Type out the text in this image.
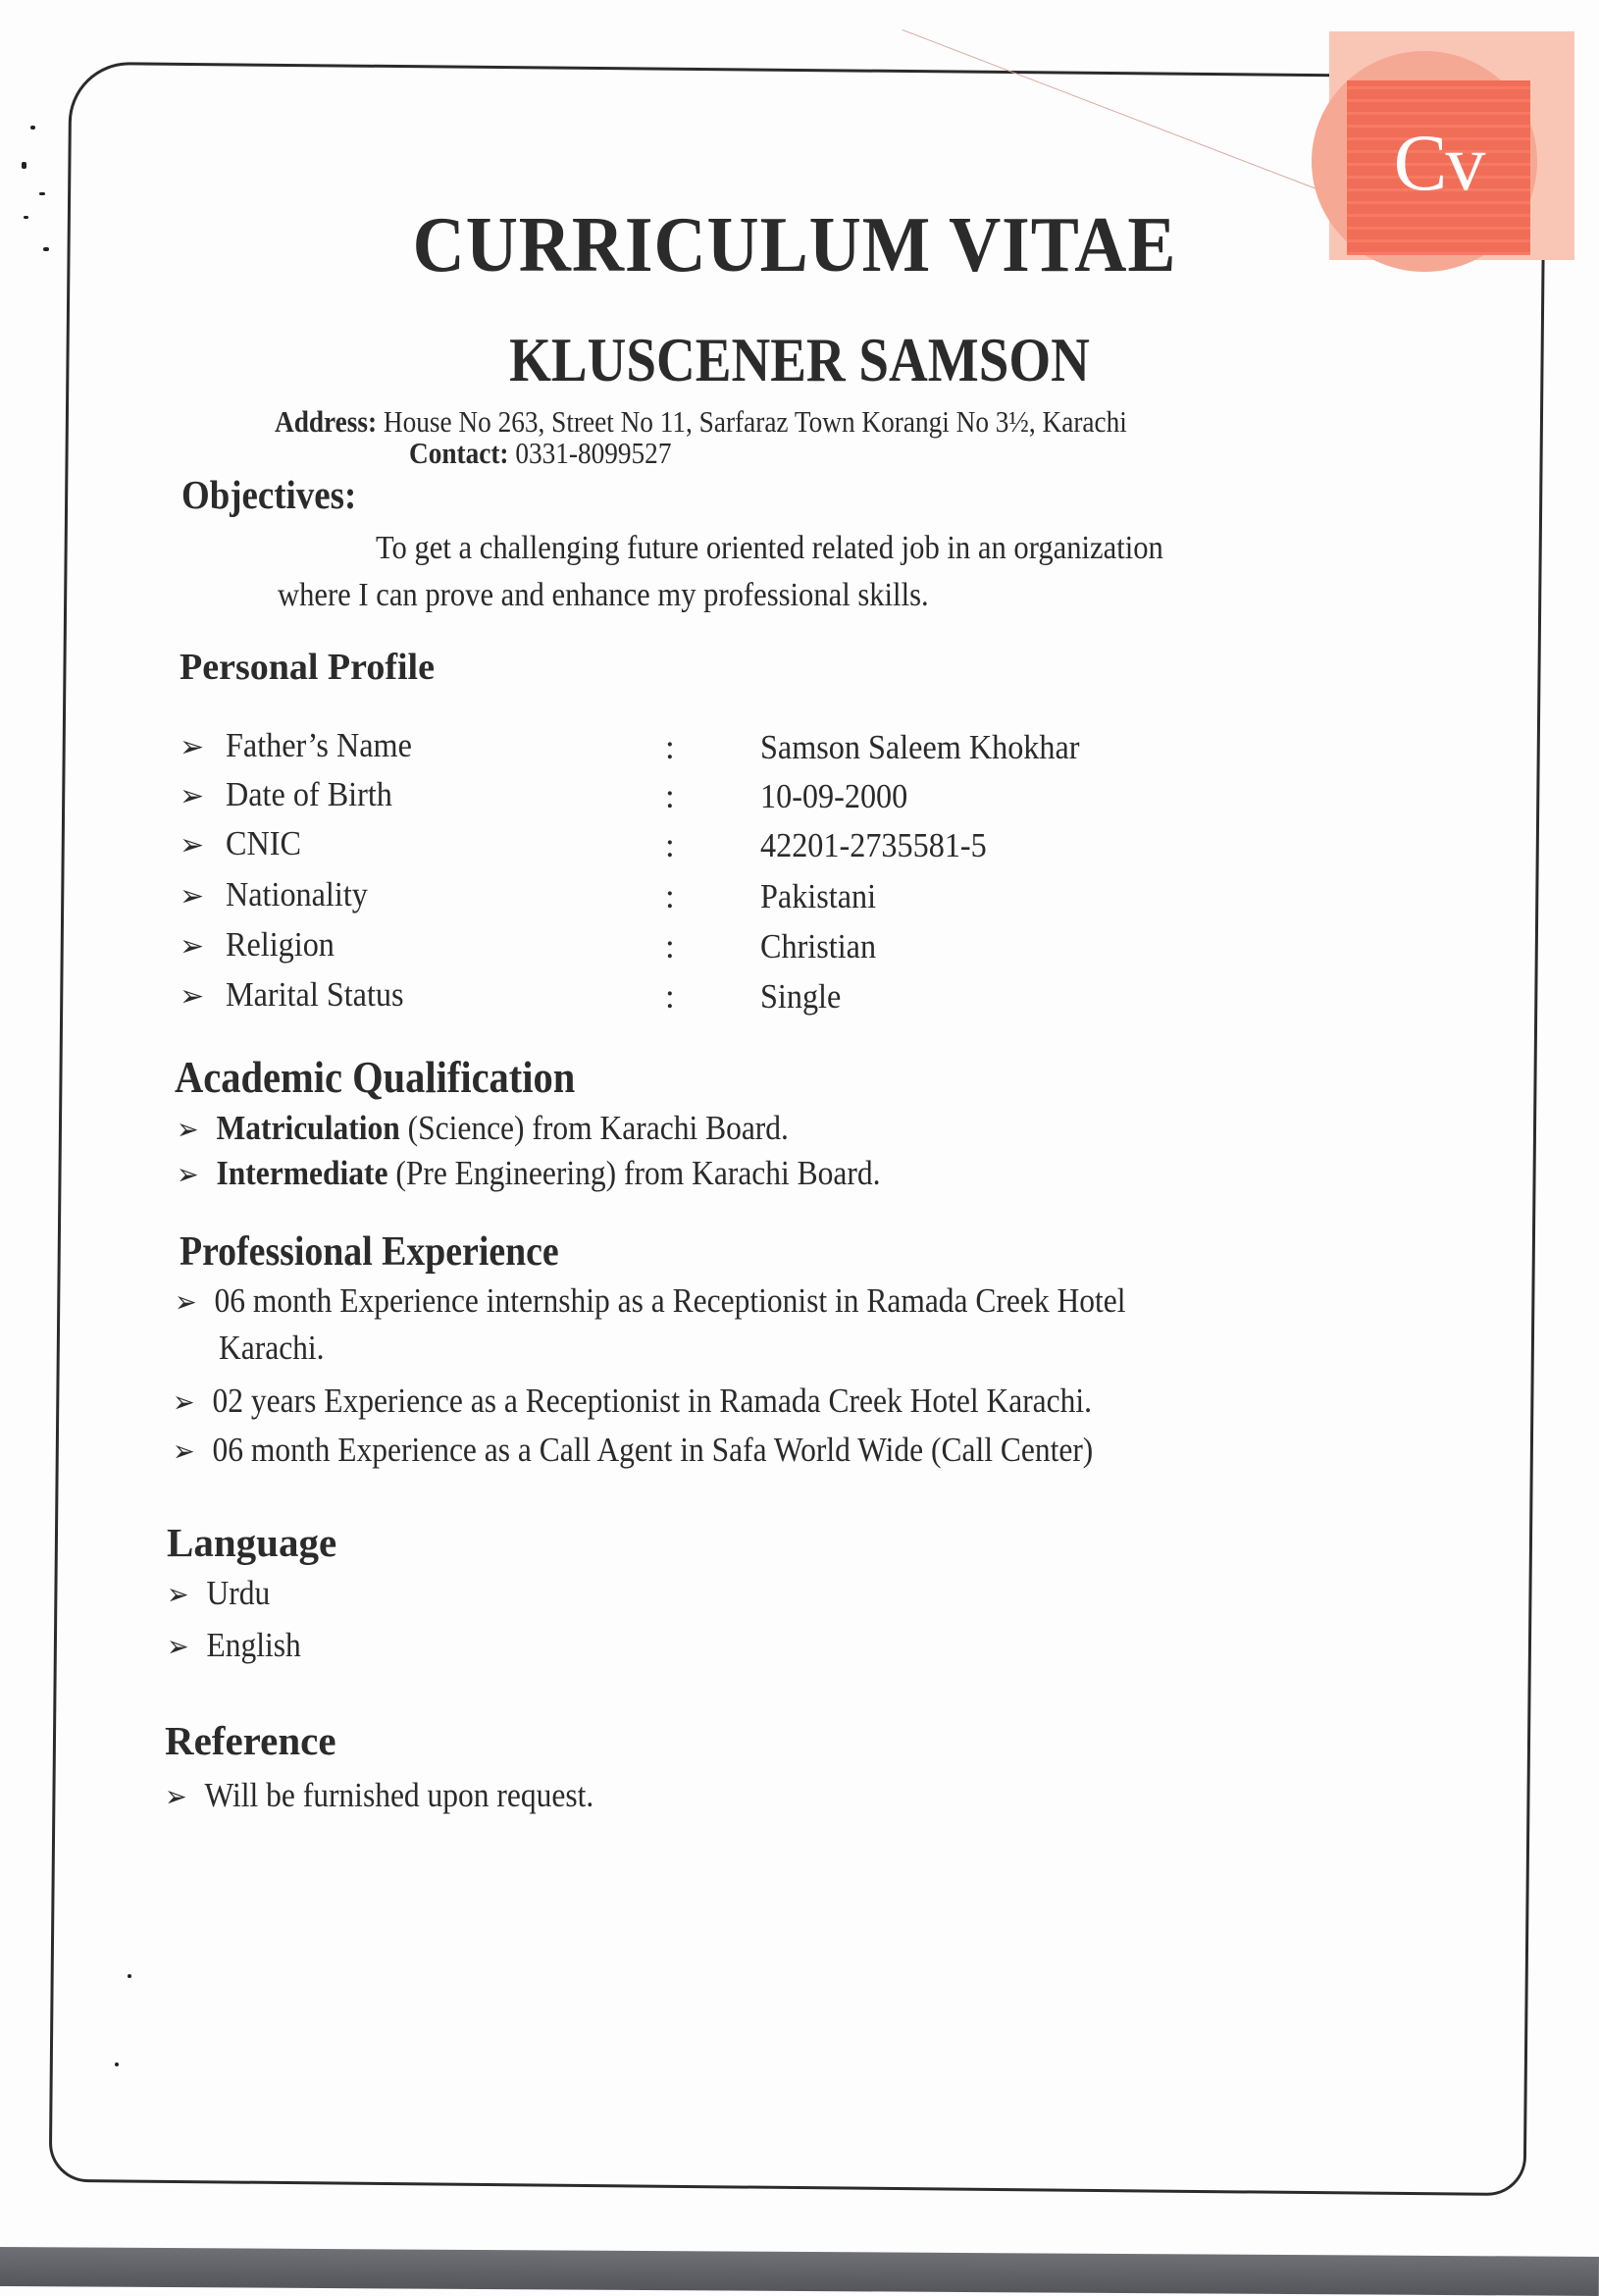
Cv
CURRICULUM VITAE
KLUSCENER SAMSON
Address: House No 263, Street No 11, Sarfaraz Town Korangi No 3½, Karachi
Contact: 0331-8099527
Objectives:
To get a challenging future oriented related job in an organization
where I can prove and enhance my professional skills.
Personal Profile
➢ Father’s Name	: Samson Saleem Khokhar
➢ Date of Birth	: 10-09-2000
➢ CNIC	: 42201-2735581-5
➢ Nationality	: Pakistani
➢ Religion	: Christian
➢ Marital Status	: Single
Academic Qualification
➢ Matriculation (Science) from Karachi Board.
➢ Intermediate (Pre Engineering) from Karachi Board.
Professional Experience
➢ 06 month Experience internship as a Receptionist in Ramada Creek Hotel
Karachi.
➢ 02 years Experience as a Receptionist in Ramada Creek Hotel Karachi.
➢ 06 month Experience as a Call Agent in Safa World Wide (Call Center)
Language
➢ Urdu
➢ English
Reference
➢ Will be furnished upon request.
